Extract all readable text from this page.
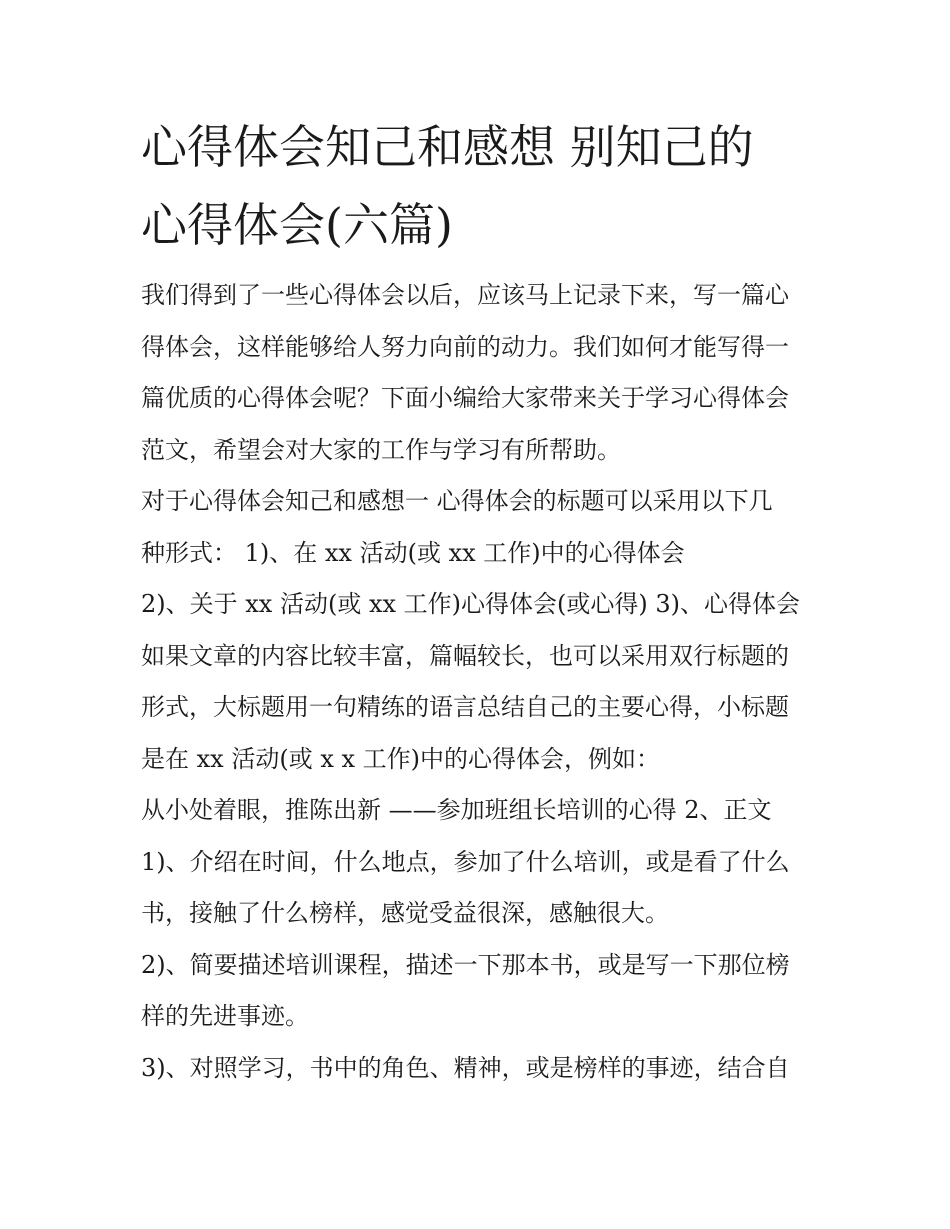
心得体会知己和感想 别知己的
心得体会(六篇)
我们得到了一些心得体会以后，应该马上记录下来，写一篇心
得体会，这样能够给人努力向前的动力。我们如何才能写得一
篇优质的心得体会呢？下面小编给大家带来关于学习心得体会
范文，希望会对大家的工作与学习有所帮助。
对于心得体会知己和感想一 心得体会的标题可以采用以下几
种形式： 1)、在 xx 活动(或 xx 工作)中的心得体会
2)、关于 xx 活动(或 xx 工作)心得体会(或心得) 3)、心得体会
如果文章的内容比较丰富，篇幅较长，也可以采用双行标题的
形式，大标题用一句精练的语言总结自己的主要心得，小标题
是在 xx 活动(或 x x 工作)中的心得体会，例如：
从小处着眼，推陈出新 ——参加班组长培训的心得 2、正文
1)、介绍在时间，什么地点，参加了什么培训，或是看了什么
书，接触了什么榜样，感觉受益很深，感触很大。
2)、简要描述培训课程，描述一下那本书，或是写一下那位榜
样的先进事迹。
3)、对照学习，书中的角色、精神，或是榜样的事迹，结合自
